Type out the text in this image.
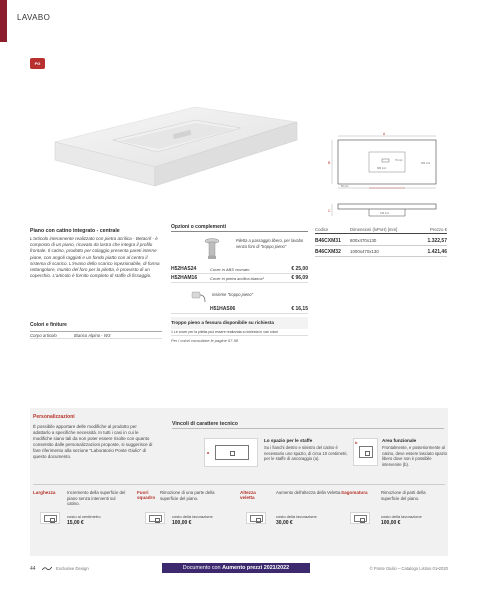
LAVABO
PG
A
B
70 mm
300 mm
380 mm
50 mm
C
130 mm
Piano con catino integrato - centrale
L'articolo interamente realizzato con pietra acrilica - Betacril - è composto di un piano, ricavato da lastra che integra il profilo frontale. Il catino, prodotto per colaggio presenta pareti interne piane, con angoli raggiati e un fondo piatto con al centro il sistema di scarico. L'invaso dello scarico ispezionabile, di forma rettangolare, munito del foro per la piletta, è provvisto di un coperchio. L'articolo è fornito completo di staffe di fissaggio.
Colori e finiture
Corpo articolo	Bianco Alpino - W3
Opzioni o complementi
Piletta a passaggio libero, per lavabo senza foro di "troppo pieno"
H52HAS24	Cover in ABS cromato	€ 25,00
H52HAM16	Cover in pietra acrilica bianca¹	€ 96,09
Insieme "troppo pieno"
H51HAS06	€ 16,15
Troppo pieno a fessura disponibile su richiesta
1 Le cover per la piletta può essere realizzata a richiesta in vari colori
Per i colori consultare le pagine 57-58
Codice	Dimensioni (lxPxH) [mm]	Prezzo €
B46CXM31 800x470x130	1.322,57
B46CXM32 1000x470x130	1.421,46
Personalizzazioni
È possibile apportare delle modifiche al prodotto per adattarlo a specifiche necessità. In tutti i casi in cui le modifiche siano tali da non poter essere risolte con quanto consentito dalle personalizzazioni proposte, si suggerisce di fare riferimento alla sezione "Laboratorio Ponte Giulio" di questo documento.
Vincoli di carattere tecnico
a
Lo spazio per le staffe
Su i fianchi destro e sinistro del catino è necessario uno spazio, di circa 10 centimetri, per le staffe di ancoraggio (a).
b	Area funzionale
Frontalmente, e posteriormente al catino, deve essere lasciato spazio libero dove non è possibile intervenire (b).
Larghezza	Incremento della superficie del piano senza interventi sul catino.
costo al centimetro
15,00 €
Fuori squadro
Rimozione di una parte della superficie del piano.
costo della lavorazione
100,00 €
Altezza veletta
Aumento dell'altezza della Veletta.
costo della lavorazione
30,00 €
Sagomatura	Rimozione di parti della superficie del piano.
costo della lavorazione
100,00 €
44	Exclusive Design	Documento con Aumento prezzi 2021/2022	© Ponte Giulio – Catalogo Listino 01•2020
